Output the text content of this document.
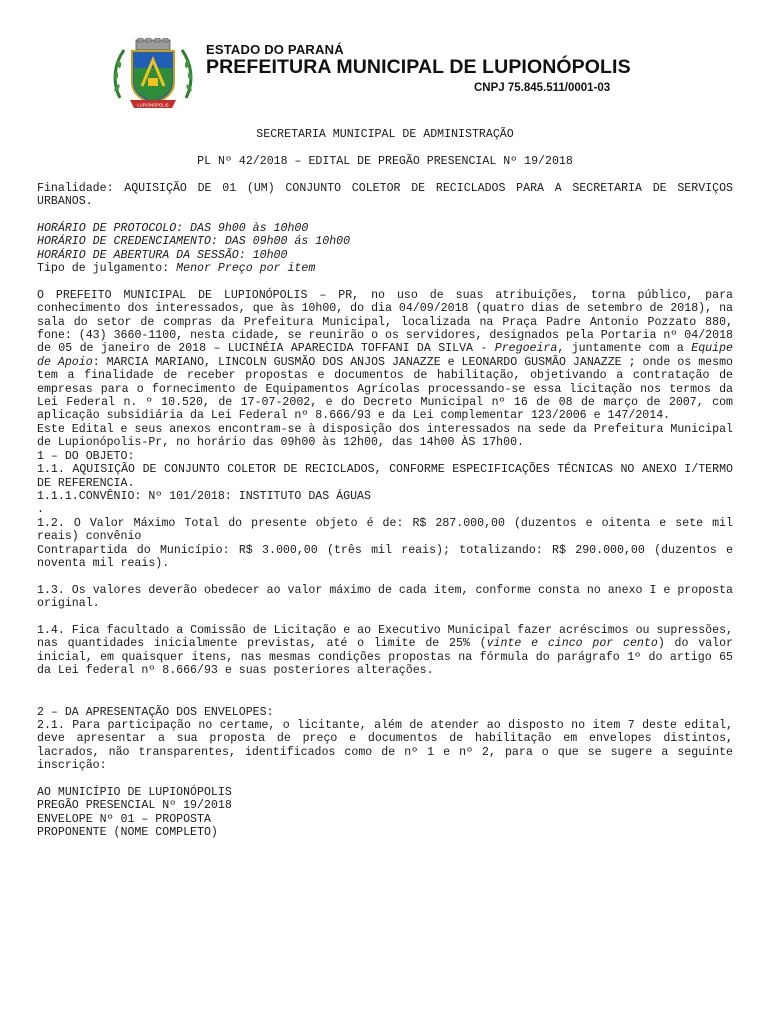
LUPIONÓPOLIS
ESTADO DO PARANÁ
PREFEITURA MUNICIPAL DE LUPIONÓPOLIS
CNPJ 75.845.511/0001-03

SECRETARIA MUNICIPAL DE ADMINISTRAÇÃO

PL Nº 42/2018 – EDITAL DE PREGÃO PRESENCIAL Nº 19/2018

Finalidade: AQUISIÇÃO DE 01 (UM) CONJUNTO COLETOR DE RECICLADOS PARA A SECRETARIA DE SERVIÇOS URBANOS.

HORÁRIO DE PROTOCOLO: DAS 9h00 às 10h00

HORÁRIO DE CREDENCIAMENTO: DAS 09h00 ás 10h00

HORÁRIO DE ABERTURA DA SESSÃO: 10h00

Tipo de julgamento: Menor Preço por item

O PREFEITO MUNICIPAL DE LUPIONÓPOLIS – PR, no uso de suas atribuições, torna público, para conhecimento dos interessados, que às 10h00, do dia 04/09/2018 (quatro dias de setembro de 2018), na sala do setor de compras da Prefeitura Municipal, localizada na Praça Padre Antonio Pozzato 880, fone: (43) 3660-1100, nesta cidade, se reunirão o os servidores, designados pela Portaria nº 04/2018 de 05 de janeiro de 2018 – LUCINÉIA APARECIDA TOFFANI DA SILVA - Pregoeira, juntamente com a Equipe de Apoio: MARCIA MARIANO, LINCOLN GUSMÃO DOS ANJOS JANAZZE e LEONARDO GUSMÃO JANAZZE ; onde os mesmo tem a finalidade de receber propostas e documentos de habilitação, objetivando a contratação de empresas para o fornecimento de Equipamentos Agrícolas processando-se essa licitação nos termos da Lei Federal n. º 10.520, de 17-07-2002, e do Decreto Municipal nº 16 de 08 de março de 2007, com aplicação subsidiária da Lei Federal nº 8.666/93 e da Lei complementar 123/2006 e 147/2014.

Este Edital e seus anexos encontram-se à disposição dos interessados na sede da Prefeitura Municipal de Lupionópolis-Pr, no horário das 09h00 às 12h00, das 14h00 ÀS 17h00.

1 – DO OBJETO:

1.1. AQUISIÇÃO DE CONJUNTO COLETOR DE RECICLADOS, CONFORME ESPECIFICAÇÕES TÉCNICAS NO ANEXO I/TERMO DE REFERENCIA.

1.1.1.CONVÊNIO: Nº 101/2018: INSTITUTO DAS ÁGUAS

.

1.2. O Valor Máximo Total do presente objeto é de: R$ 287.000,00 (duzentos e oitenta e sete mil reais) convênio

Contrapartida do Município: R$ 3.000,00 (três mil reais); totalizando: R$ 290.000,00 (duzentos e noventa mil reais).

1.3. Os valores deverão obedecer ao valor máximo de cada item, conforme consta no anexo I e proposta original.

1.4. Fica facultado a Comissão de Licitação e ao Executivo Municipal fazer acréscimos ou supressões, nas quantidades inicialmente previstas, até o limite de 25% (vinte e cinco por cento) do valor inicial, em quaisquer itens, nas mesmas condições propostas na fórmula do parágrafo 1º do artigo 65 da Lei federal nº 8.666/93 e suas posteriores alterações.

2 – DA APRESENTAÇÃO DOS ENVELOPES:

2.1. Para participação no certame, o licitante, além de atender ao disposto no item 7 deste edital, deve apresentar a sua proposta de preço e documentos de habilitação em envelopes distintos, lacrados, não transparentes, identificados como de nº 1 e nº 2, para o que se sugere a seguinte inscrição:

AO MUNICÍPIO DE LUPIONÓPOLIS

PREGÃO PRESENCIAL Nº 19/2018

ENVELOPE Nº 01 – PROPOSTA

PROPONENTE (NOME COMPLETO)
